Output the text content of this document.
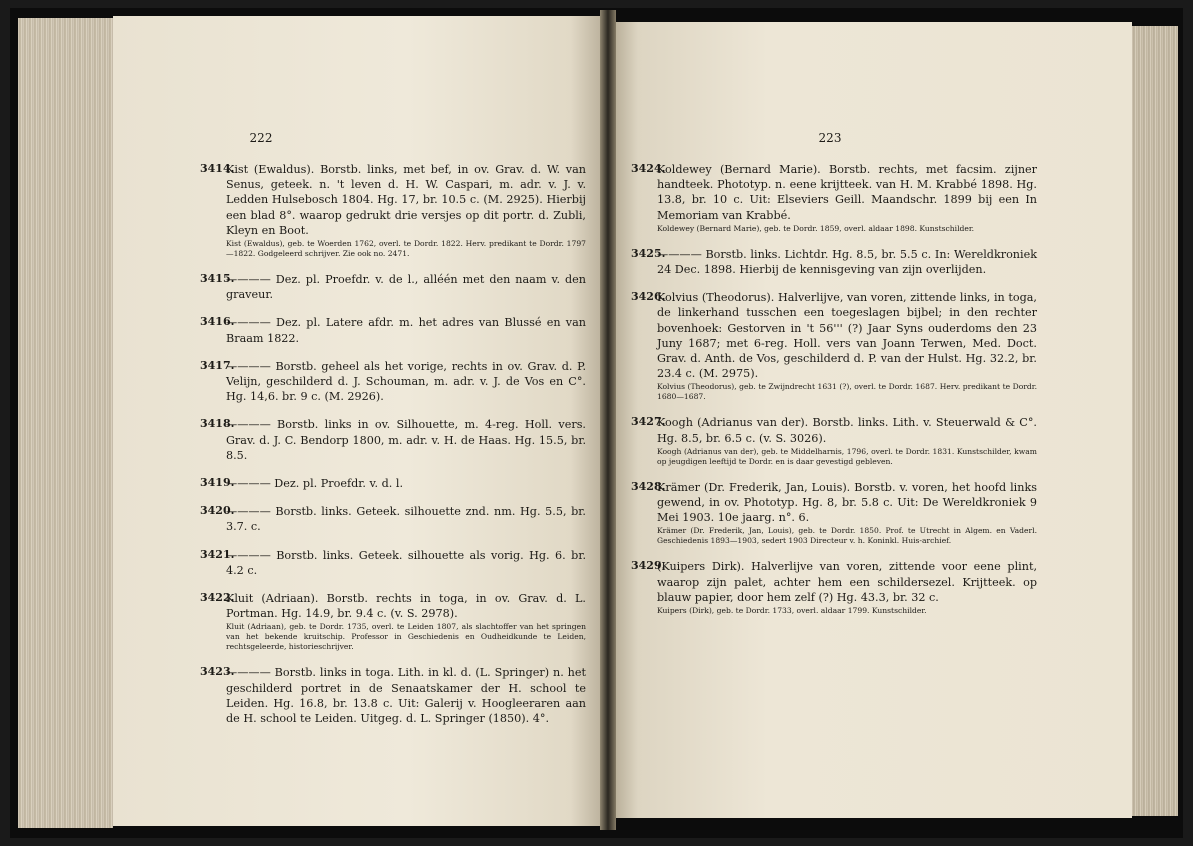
222
3414.
Kist (Ewaldus). Borstb. links, met bef, in ov. Grav. d. W. van Senus, geteek. n. 't leven d. H. W. Caspari, m. adr. v. J. v. Ledden Hulsebosch 1804. Hg. 17, br. 10.5 c. (M. 2925). Hierbij een blad 8°. waarop gedrukt drie versjes op dit portr. d. Zubli, Kleyn en Boot.
Kist (Ewaldus), geb. te Woerden 1762, overl. te Dordr. 1822. Herv. predikant te Dordr. 1797—1822. Godgeleerd schrijver. Zie ook no. 2471.
3415.
———— Dez. pl. Proefdr. v. de l., alléén met den naam v. den graveur.
3416.
———— Dez. pl. Latere afdr. m. het adres van Blussé en van Braam 1822.
3417.
———— Borstb. geheel als het vorige, rechts in ov. Grav. d. P. Velijn, geschilderd d. J. Schouman, m. adr. v. J. de Vos en C°. Hg. 14,6. br. 9 c. (M. 2926).
3418.
———— Borstb. links in ov. Silhouette, m. 4-reg. Holl. vers. Grav. d. J. C. Bendorp 1800, m. adr. v. H. de Haas. Hg. 15.5, br. 8.5.
3419.
———— Dez. pl. Proefdr. v. d. l.
3420.
———— Borstb. links. Geteek. silhouette znd. nm. Hg. 5.5, br. 3.7. c.
3421.
———— Borstb. links. Geteek. silhouette als vorig. Hg. 6. br. 4.2 c.
3422.
Kluit (Adriaan). Borstb. rechts in toga, in ov. Grav. d. L. Portman. Hg. 14.9, br. 9.4 c. (v. S. 2978).
Kluit (Adriaan), geb. te Dordr. 1735, overl. te Leiden 1807, als slachtoffer van het springen van het bekende kruitschip. Professor in Geschiedenis en Oudheidkunde te Leiden, rechtsgeleerde, historieschrijver.
3423.
———— Borstb. links in toga. Lith. in kl. d. (L. Springer) n. het geschilderd portret in de Senaatskamer der H. school te Leiden. Hg. 16.8, br. 13.8 c. Uit: Galerij v. Hoogleeraren aan de H. school te Leiden. Uitgeg. d. L. Springer (1850). 4°.
223
3424.
Koldewey (Bernard Marie). Borstb. rechts, met facsim. zijner handteek. Phototyp. n. eene krijtteek. van H. M. Krabbé 1898. Hg. 13.8, br. 10 c. Uit: Elseviers Geill. Maandschr. 1899 bij een In Memoriam van Krabbé.
Koldewey (Bernard Marie), geb. te Dordr. 1859, overl. aldaar 1898. Kunstschilder.
3425.
———— Borstb. links. Lichtdr. Hg. 8.5, br. 5.5 c. In: Wereldkroniek 24 Dec. 1898. Hierbij de kennisgeving van zijn overlijden.
3426.
Kolvius (Theodorus). Halverlijve, van voren, zittende links, in toga, de linkerhand tusschen een toegeslagen bijbel; in den rechter bovenhoek: Gestorven in 't 56''' (?) Jaar Syns ouderdoms den 23 Juny 1687; met 6-reg. Holl. vers van Joann Terwen, Med. Doct. Grav. d. Anth. de Vos, geschilderd d. P. van der Hulst. Hg. 32.2, br. 23.4 c. (M. 2975).
Kolvius (Theodorus), geb. te Zwijndrecht 1631 (?), overl. te Dordr. 1687. Herv. predikant te Dordr. 1680—1687.
3427.
Koogh (Adrianus van der). Borstb. links. Lith. v. Steuerwald & C°. Hg. 8.5, br. 6.5 c. (v. S. 3026).
Koogh (Adrianus van der), geb. te Middelharnis, 1796, overl. te Dordr. 1831. Kunstschilder, kwam op jeugdigen leeftijd te Dordr. en is daar gevestigd gebleven.
3428.
Krämer (Dr. Frederik, Jan, Louis). Borstb. v. voren, het hoofd links gewend, in ov. Phototyp. Hg. 8, br. 5.8 c. Uit: De Wereldkroniek 9 Mei 1903. 10e jaarg. n°. 6.
Krämer (Dr. Frederik, Jan, Louis), geb. te Dordr. 1850. Prof. te Utrecht in Algem. en Vaderl. Geschiedenis 1893—1903, sedert 1903 Directeur v. h. Koninkl. Huis-archief.
3429.
(Kuipers Dirk). Halverlijve van voren, zittende voor eene plint, waarop zijn palet, achter hem een schildersezel. Krijtteek. op blauw papier, door hem zelf (?) Hg. 43.3, br. 32 c.
Kuipers (Dirk), geb. te Dordr. 1733, overl. aldaar 1799. Kunstschilder.
